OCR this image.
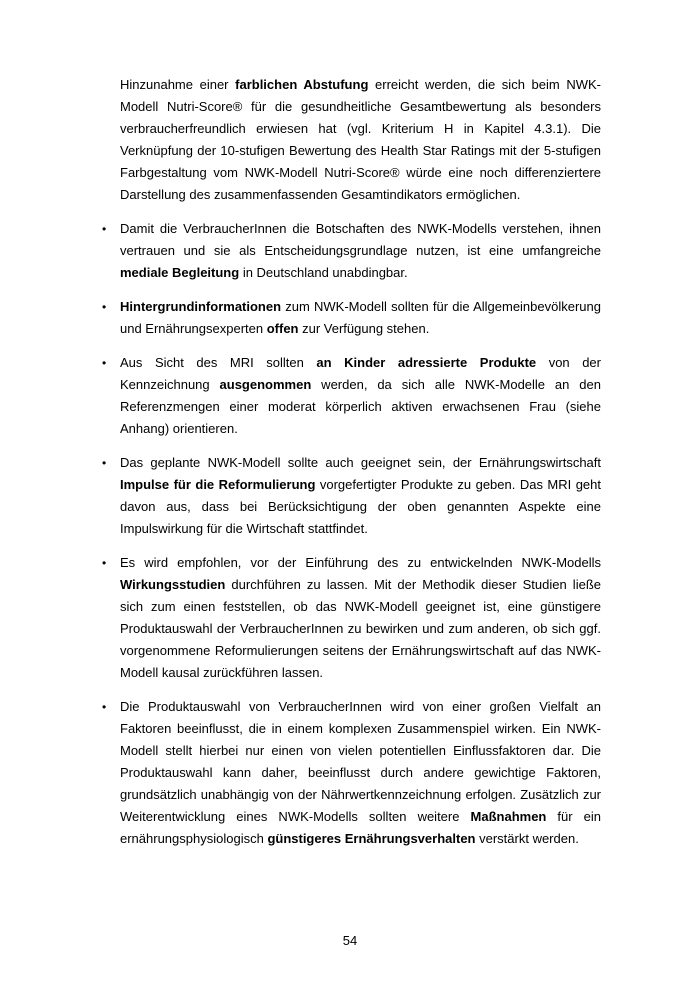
Hinzunahme einer farblichen Abstufung erreicht werden, die sich beim NWK-Modell Nutri-Score® für die gesundheitliche Gesamtbewertung als besonders verbraucherfreundlich erwiesen hat (vgl. Kriterium H in Kapitel 4.3.1). Die Verknüpfung der 10-stufigen Bewertung des Health Star Ratings mit der 5-stufigen Farbgestaltung vom NWK-Modell Nutri-Score® würde eine noch differenziertere Darstellung des zusammenfassenden Gesamtindikators ermöglichen.

• Damit die VerbraucherInnen die Botschaften des NWK-Modells verstehen, ihnen vertrauen und sie als Entscheidungsgrundlage nutzen, ist eine umfangreiche mediale Begleitung in Deutschland unabdingbar.

• Hintergrundinformationen zum NWK-Modell sollten für die Allgemeinbevölkerung und Ernährungsexperten offen zur Verfügung stehen.

• Aus Sicht des MRI sollten an Kinder adressierte Produkte von der Kennzeichnung ausgenommen werden, da sich alle NWK-Modelle an den Referenzmengen einer moderat körperlich aktiven erwachsenen Frau (siehe Anhang) orientieren.

• Das geplante NWK-Modell sollte auch geeignet sein, der Ernährungswirtschaft Impulse für die Reformulierung vorgefertigter Produkte zu geben. Das MRI geht davon aus, dass bei Berücksichtigung der oben genannten Aspekte eine Impulswirkung für die Wirtschaft stattfindet.

• Es wird empfohlen, vor der Einführung des zu entwickelnden NWK-Modells Wirkungsstudien durchführen zu lassen. Mit der Methodik dieser Studien ließe sich zum einen feststellen, ob das NWK-Modell geeignet ist, eine günstigere Produktauswahl der VerbraucherInnen zu bewirken und zum anderen, ob sich ggf. vorgenommene Reformulierungen seitens der Ernährungswirtschaft auf das NWK-Modell kausal zurückführen lassen.

• Die Produktauswahl von VerbraucherInnen wird von einer großen Vielfalt an Faktoren beeinflusst, die in einem komplexen Zusammenspiel wirken. Ein NWK-Modell stellt hierbei nur einen von vielen potentiellen Einflussfaktoren dar. Die Produktauswahl kann daher, beeinflusst durch andere gewichtige Faktoren, grundsätzlich unabhängig von der Nährwertkennzeichnung erfolgen. Zusätzlich zur Weiterentwicklung eines NWK-Modells sollten weitere Maßnahmen für ein ernährungsphysiologisch günstigeres Ernährungsverhalten verstärkt werden.

54
